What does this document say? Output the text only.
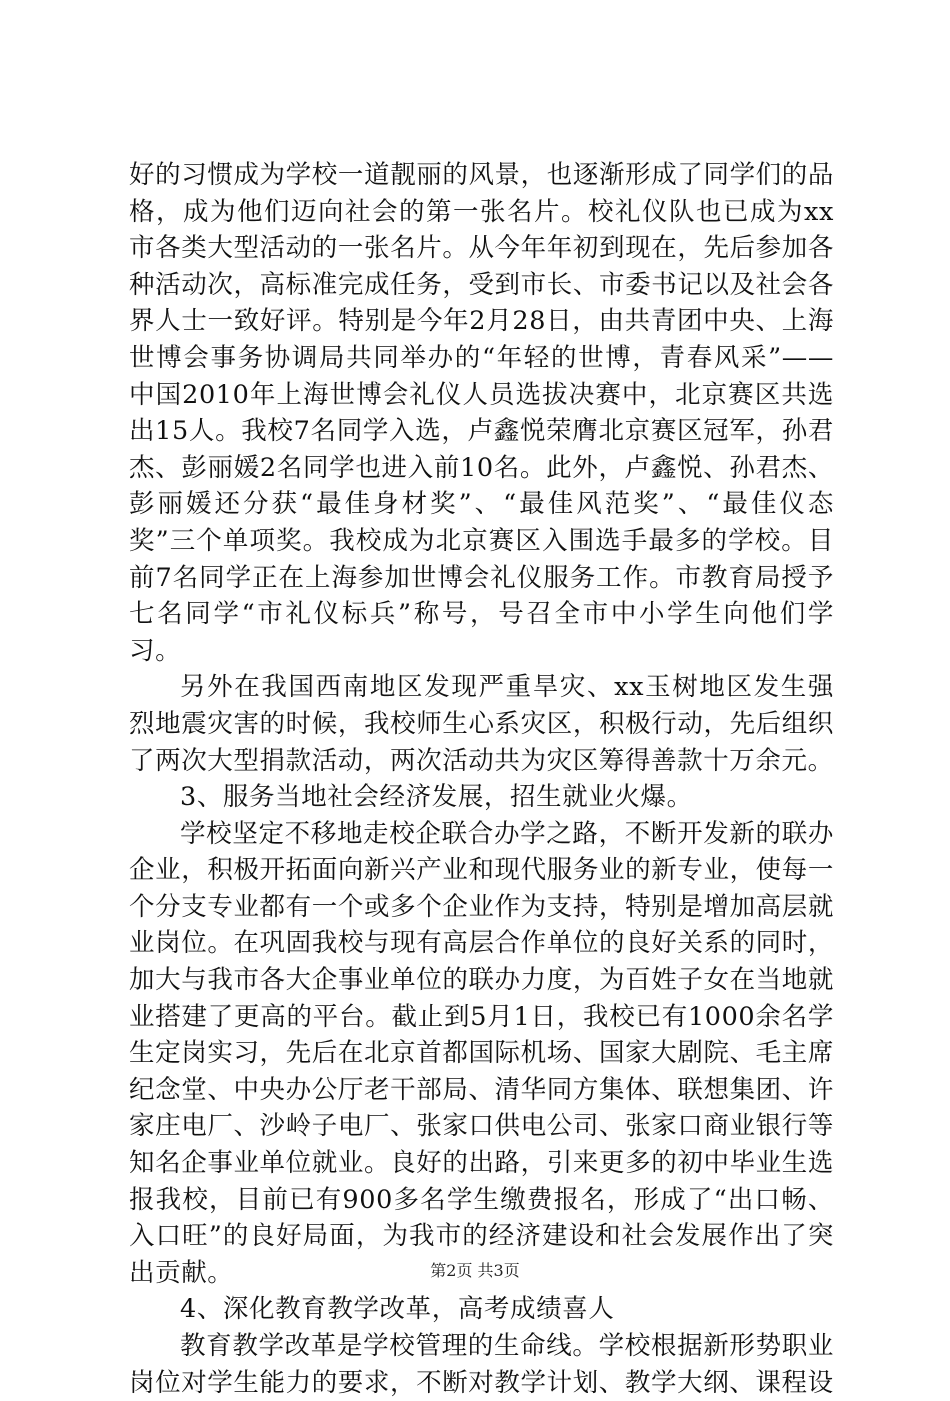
好的习惯成为学校一道靓丽的风景，也逐渐形成了同学们的品格，成为他们迈向社会的第一张名片。校礼仪队也已成为xx市各类大型活动的一张名片。从今年年初到现在，先后参加各种活动次，高标准完成任务，受到市长、市委书记以及社会各界人士一致好评。特别是今年2月28日，由共青团中央、上海世博会事务协调局共同举办的“年轻的世博，青春风采”——中国2010年上海世博会礼仪人员选拔决赛中，北京赛区共选出15人。我校7名同学入选，卢鑫悦荣膺北京赛区冠军，孙君杰、彭丽媛2名同学也进入前10名。此外，卢鑫悦、孙君杰、彭丽媛还分获“最佳身材奖”、“最佳风范奖”、“最佳仪态奖”三个单项奖。我校成为北京赛区入围选手最多的学校。目前7名同学正在上海参加世博会礼仪服务工作。市教育局授予七名同学“市礼仪标兵”称号，号召全市中小学生向他们学习。

另外在我国西南地区发现严重旱灾、xx玉树地区发生强烈地震灾害的时候，我校师生心系灾区，积极行动，先后组织了两次大型捐款活动，两次活动共为灾区筹得善款十万余元。

3、服务当地社会经济发展，招生就业火爆。

学校坚定不移地走校企联合办学之路，不断开发新的联办企业，积极开拓面向新兴产业和现代服务业的新专业，使每一个分支专业都有一个或多个企业作为支持，特别是增加高层就业岗位。在巩固我校与现有高层合作单位的良好关系的同时，加大与我市各大企事业单位的联办力度，为百姓子女在当地就业搭建了更高的平台。截止到5月1日，我校已有1000余名学生定岗实习，先后在北京首都国际机场、国家大剧院、毛主席纪念堂、中央办公厅老干部局、清华同方集体、联想集团、许家庄电厂、沙岭子电厂、张家口供电公司、张家口商业银行等知名企事业单位就业。良好的出路，引来更多的初中毕业生选报我校，目前已有900多名学生缴费报名，形成了“出口畅、入口旺”的良好局面，为我市的经济建设和社会发展作出了突出贡献。

4、深化教育教学改革，高考成绩喜人

教育教学改革是学校管理的生命线。学校根据新形势职业岗位对学生能力的要求，不断对教学计划、教学大纲、课程设

第2页 共3页
